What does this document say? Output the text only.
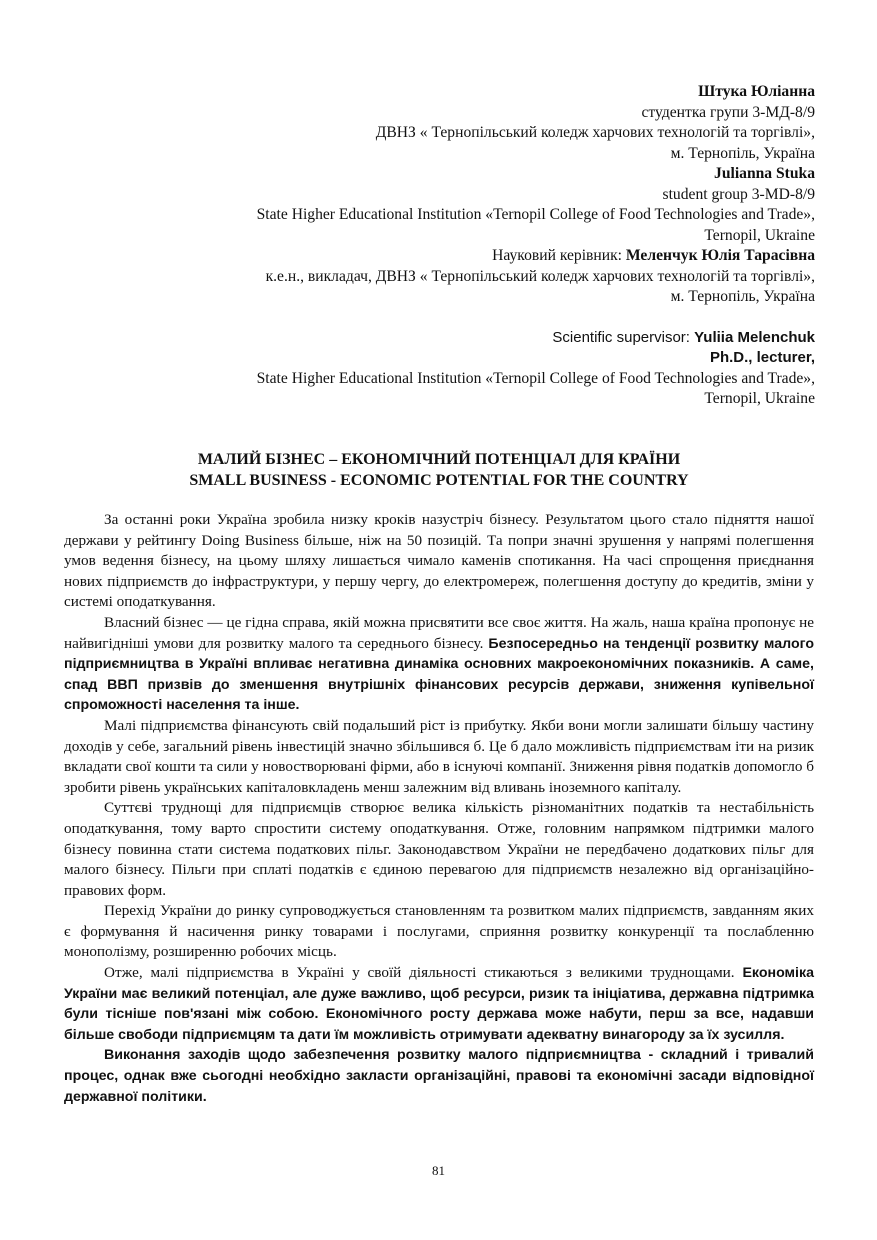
Штука Юліанна

студентка групи 3-МД-8/9

ДВНЗ « Тернопільський коледж харчових технологій та торгівлі»,

м. Тернопіль, Україна

Julianna Stuka

student group 3-MD-8/9

State Higher Educational Institution «Ternopil College of Food Technologies and Trade»,

Ternopil, Ukraine

Науковий керівник: Меленчук Юлія Тарасівна

к.е.н., викладач, ДВНЗ « Тернопільський коледж харчових технологій та торгівлі»,

м. Тернопіль, Україна

Scientific supervisor: Yuliia Melenchuk

Ph.D., lecturer,

State Higher Educational Institution «Ternopil College of Food Technologies and Trade»,

Ternopil, Ukraine

МАЛИЙ БІЗНЕС – ЕКОНОМІЧНИЙ ПОТЕНЦІАЛ ДЛЯ КРАЇНИ

SMALL BUSINESS - ECONOMIC POTENTIAL FOR THE COUNTRY

За останні роки Україна зробила низку кроків назустріч бізнесу. Результатом цього стало підняття нашої держави у рейтингу Doing Business більше, ніж на 50 позицій. Та попри значні зрушення у напрямі полегшення умов ведення бізнесу, на цьому шляху лишається чимало каменів спотикання. На часі спрощення приєднання нових підприємств до інфраструктури, у першу чергу, до електромереж, полегшення доступу до кредитів, зміни у системі оподаткування.

Власний бізнес — це гідна справа, якій можна присвятити все своє життя. На жаль, наша країна пропонує не найвигідніші умови для розвитку малого та середнього бізнесу. Безпосередньо на тенденції розвитку малого підприємництва в Україні впливає негативна динаміка основних макроекономічних показників. А саме, спад ВВП призвів до зменшення внутрішніх фінансових ресурсів держави, зниження купівельної спроможності населення та інше.

Малі підприємства фінансують свій подальший ріст із прибутку. Якби вони могли залишати більшу частину доходів у себе, загальний рівень інвестицій значно збільшився б. Це б дало можливість підприємствам іти на ризик вкладати свої кошти та сили у новостворювані фірми, або в існуючі компанії. Зниження рівня податків допомогло б зробити рівень українських капіталовкладень менш залежним від вливань іноземного капіталу.

Суттєві труднощі для підприємців створює велика кількість різноманітних податків та нестабільність оподаткування, тому варто спростити систему оподаткування. Отже, головним напрямком підтримки малого бізнесу повинна стати система податкових пільг. Законодавством України не передбачено додаткових пільг для малого бізнесу. Пільги при сплаті податків є єдиною перевагою для підприємств незалежно від організаційно-правових форм.

Перехід України до ринку супроводжується становленням та розвитком малих підприємств, завданням яких є формування й насичення ринку товарами і послугами, сприяння розвитку конкуренції та послабленню монополізму, розширенню робочих місць.

Отже, малі підприємства в Україні у своїй діяльності стикаються з великими труднощами. Економіка України має великий потенціал, але дуже важливо, щоб ресурси, ризик та ініціатива, державна підтримка були тісніше пов'язані між собою. Економічного росту держава може набути, перш за все, надавши більше свободи підприємцям та дати їм можливість отримувати адекватну винагороду за їх зусилля.

Виконання заходів щодо забезпечення розвитку малого підприємництва - складний і тривалий процес, однак вже сьогодні необхідно закласти організаційні, правові та економічні засади відповідної державної політики.

81
